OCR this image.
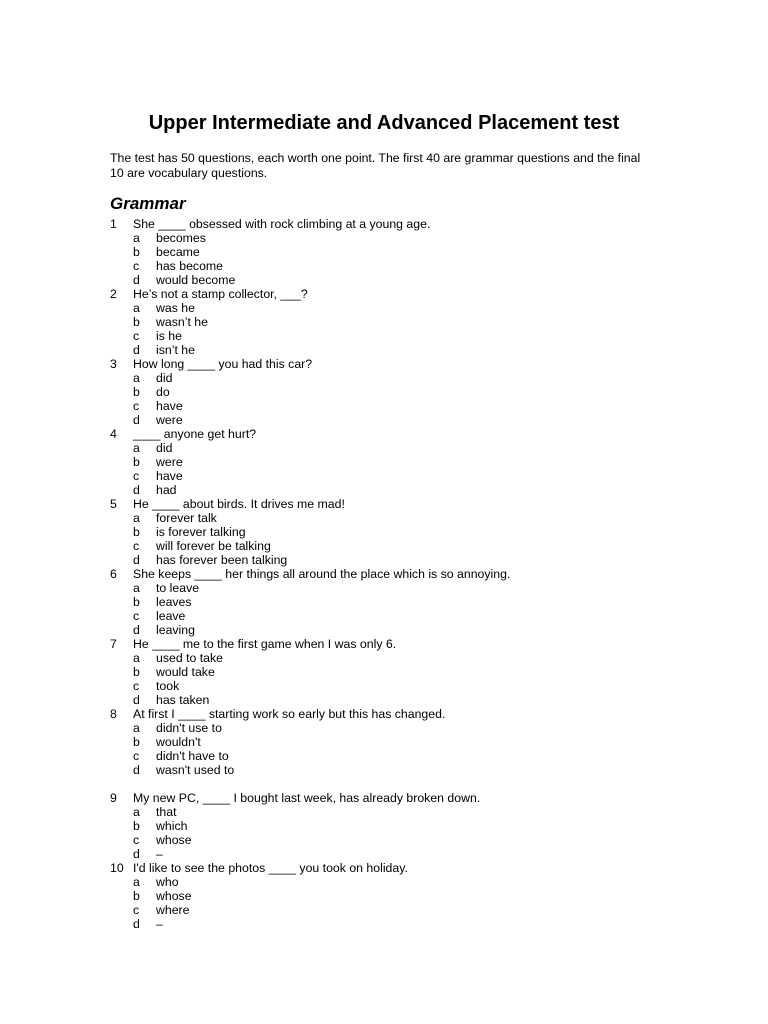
Upper Intermediate and Advanced Placement test
The test has 50 questions, each worth one point. The first 40 are grammar questions and the final 10 are vocabulary questions.
Grammar
1 She ____ obsessed with rock climbing at a young age.
a becomes
b became
c has become
d would become
2 He’s not a stamp collector, ___?
a was he
b wasn’t he
c is he
d isn’t he
3 How long ____ you had this car?
a did
b do
c have
d were
4 ____ anyone get hurt?
a did
b were
c have
d had
5 He ____ about birds. It drives me mad!
a forever talk
b is forever talking
c will forever be talking
d has forever been talking
6 She keeps ____ her things all around the place which is so annoying.
a to leave
b leaves
c leave
d leaving
7 He ____ me to the first game when I was only 6.
a used to take
b would take
c took
d has taken
8 At first I ____ starting work so early but this has changed.
a didn't use to
b wouldn't
c didn't have to
d wasn't used to
9 My new PC, ____ I bought last week, has already broken down.
a that
b which
c whose
d –
10 I'd like to see the photos ____ you took on holiday.
a who
b whose
c where
d –
